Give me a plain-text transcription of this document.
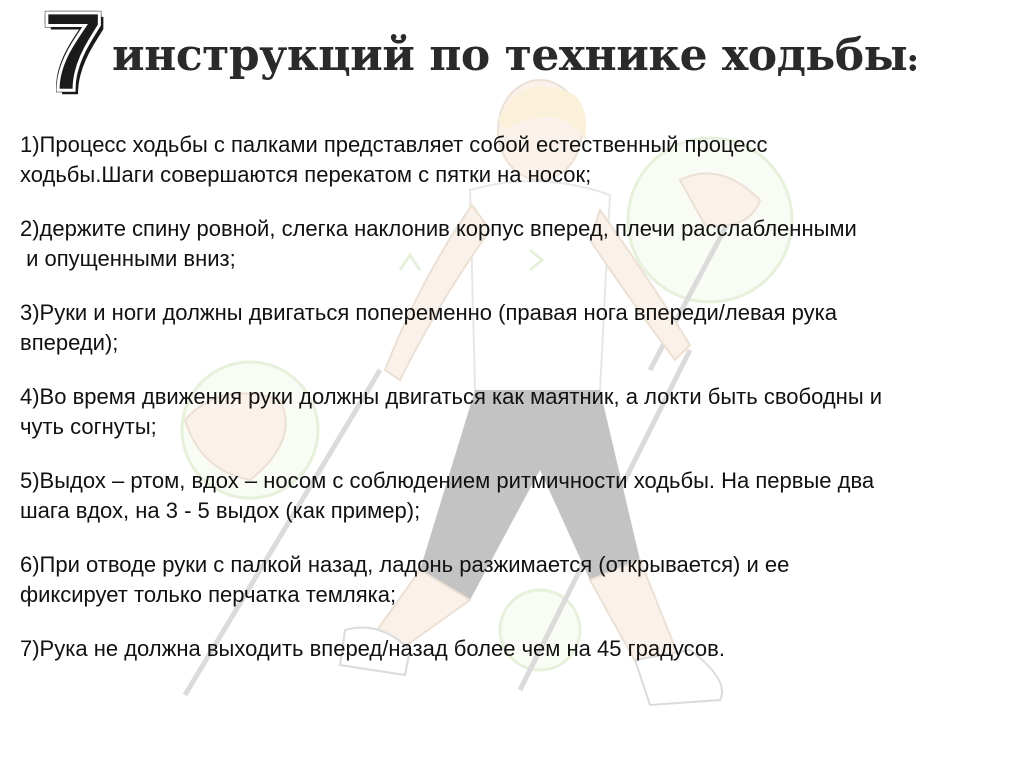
7 инструкций по технике ходьбы:

1)Процесс ходьбы с палками представляет собой естественный процесс
ходьбы.Шаги совершаются перекатом с пятки на носок;

2)держите спину ровной, слегка наклонив корпус вперед, плечи расслабленными
и опущенными вниз;

3)Руки и ноги должны двигаться попеременно (правая нога впереди/левая рука
впереди);

4)Во время движения руки должны двигаться как маятник, а локти быть свободны и
чуть согнуты;

5)Выдох – ртом, вдох – носом с соблюдением ритмичности ходьбы. На первые два
шага вдох, на 3 - 5 выдох (как пример);

6)При отводе руки с палкой назад, ладонь разжимается (открывается) и ее
фиксирует только перчатка темляка;

7)Рука не должна выходить вперед/назад более чем на 45 градусов.
